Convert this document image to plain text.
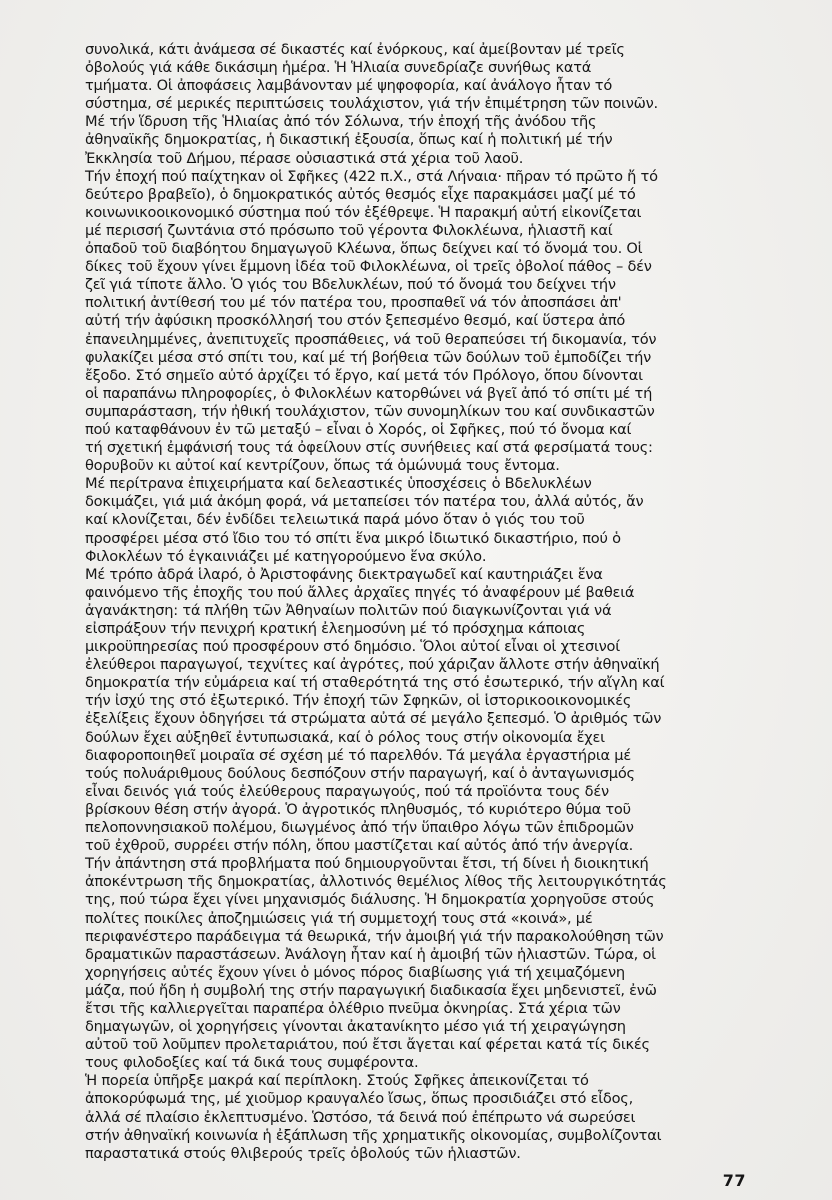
συνολικά, κάτι ἀνάμεσα σέ δικαστές καί ἐνόρκους, καί ἀμείβονταν μέ τρεῖς
ὀβολούς γιά κάθε δικάσιμη ἡμέρα. Ἡ Ἡλιαία συνεδρίαζε συνήθως κατά
τμήματα. Οἱ ἀποφάσεις λαμβάνονταν μέ ψηφοφορία, καί ἀνάλογο ἦταν τό
σύστημα, σέ μερικές περιπτώσεις τουλάχιστον, γιά τήν ἐπιμέτρηση τῶν ποινῶν.
Μέ τήν ἵδρυση τῆς Ἡλιαίας ἀπό τόν Σόλωνα, τήν ἐποχή τῆς ἀνόδου τῆς
ἀθηναϊκῆς δημοκρατίας, ἡ δικαστική ἐξουσία, ὅπως καί ἡ πολιτική μέ τήν
Ἐκκλησία τοῦ Δήμου, πέρασε οὐσιαστικά στά χέρια τοῦ λαοῦ.
Τήν ἐποχή πού παίχτηκαν οἱ Σφῆκες (422 π.Χ., στά Λήναια· πῆραν τό πρῶτο ἤ τό
δεύτερο βραβεῖο), ὁ δημοκρατικός αὐτός θεσμός εἶχε παρακμάσει μαζί μέ τό
κοινωνικοοικονομικό σύστημα πού τόν ἐξέθρεψε. Ἡ παρακμή αὐτή εἰκονίζεται
μέ περισσή ζωντάνια στό πρόσωπο τοῦ γέροντα Φιλοκλέωνα, ἡλιαστῆ καί
ὀπαδοῦ τοῦ διαβόητου δημαγωγοῦ Κλέωνα, ὅπως δείχνει καί τό ὄνομά του. Οἱ
δίκες τοῦ ἔχουν γίνει ἔμμονη ἰδέα τοῦ Φιλοκλέωνα, οἱ τρεῖς ὀβολοί πάθος – δέν
ζεῖ γιά τίποτε ἄλλο. Ὁ γιός του Βδελυκλέων, πού τό ὄνομά του δείχνει τήν
πολιτική ἀντίθεσή του μέ τόν πατέρα του, προσπαθεῖ νά τόν ἀποσπάσει ἀπ'
αὐτή τήν ἀφύσικη προσκόλλησή του στόν ξεπεσμένο θεσμό, καί ὕστερα ἀπό
ἐπανειλημμένες, ἀνεπιτυχεῖς προσπάθειες, νά τοῦ θεραπεύσει τή δικομανία, τόν
φυλακίζει μέσα στό σπίτι του, καί μέ τή βοήθεια τῶν δούλων τοῦ ἐμποδίζει τήν
ἔξοδο. Στό σημεῖο αὐτό ἀρχίζει τό ἔργο, καί μετά τόν Πρόλογο, ὅπου δίνονται
οἱ παραπάνω πληροφορίες, ὁ Φιλοκλέων κατορθώνει νά βγεῖ ἀπό τό σπίτι μέ τή
συμπαράσταση, τήν ἠθική τουλάχιστον, τῶν συνομηλίκων του καί συνδικαστῶν
πού καταφθάνουν ἐν τῶ μεταξύ – εἶναι ὁ Χορός, οἱ Σφῆκες, πού τό ὄνομα καί
τή σχετική ἐμφάνισή τους τά ὀφείλουν στίς συνήθειες καί στά φερσίματά τους:
θορυβοῦν κι αὐτοί καί κεντρίζουν, ὅπως τά ὁμώνυμά τους ἔντομα.
Μέ περίτρανα ἐπιχειρήματα καί δελεαστικές ὑποσχέσεις ὁ Βδελυκλέων
δοκιμάζει, γιά μιά ἀκόμη φορά, νά μεταπείσει τόν πατέρα του, ἀλλά αὐτός, ἄν
καί κλονίζεται, δέν ἐνδίδει τελειωτικά παρά μόνο ὅταν ὁ γιός του τοῦ
προσφέρει μέσα στό ἴδιο του τό σπίτι ἕνα μικρό ἰδιωτικό δικαστήριο, πού ὁ
Φιλοκλέων τό ἐγκαινιάζει μέ κατηγορούμενο ἕνα σκύλο.
Μέ τρόπο ἁδρά ἱλαρό, ὁ Ἀριστοφάνης διεκτραγωδεῖ καί καυτηριάζει ἕνα
φαινόμενο τῆς ἐποχῆς του πού ἄλλες ἀρχαῖες πηγές τό ἀναφέρουν μέ βαθειά
ἀγανάκτηση: τά πλήθη τῶν Ἀθηναίων πολιτῶν πού διαγκωνίζονται γιά νά
εἰσπράξουν τήν πενιχρή κρατική ἐλεημοσύνη μέ τό πρόσχημα κάποιας
μικροϋπηρεσίας πού προσφέρουν στό δημόσιο. Ὅλοι αὐτοί εἶναι οἱ χτεσινοί
ἐλεύθεροι παραγωγοί, τεχνίτες καί ἀγρότες, πού χάριζαν ἄλλοτε στήν ἀθηναϊκή
δημοκρατία τήν εὐμάρεια καί τή σταθερότητά της στό ἐσωτερικό, τήν αἴγλη καί
τήν ἰσχύ της στό ἐξωτερικό. Τήν ἐποχή τῶν Σφηκῶν, οἱ ἱστορικοοικονομικές
ἐξελίξεις ἔχουν ὁδηγήσει τά στρώματα αὐτά σέ μεγάλο ξεπεσμό. Ὁ ἀριθμός τῶν
δούλων ἔχει αὐξηθεῖ ἐντυπωσιακά, καί ὁ ρόλος τους στήν οἰκονομία ἔχει
διαφοροποιηθεῖ μοιραῖα σέ σχέση μέ τό παρελθόν. Τά μεγάλα ἐργαστήρια μέ
τούς πολυάριθμους δούλους δεσπόζουν στήν παραγωγή, καί ὁ ἀνταγωνισμός
εἶναι δεινός γιά τούς ἐλεύθερους παραγωγούς, πού τά προϊόντα τους δέν
βρίσκουν θέση στήν ἀγορά. Ὁ ἀγροτικός πληθυσμός, τό κυριότερο θύμα τοῦ
πελοποννησιακοῦ πολέμου, διωγμένος ἀπό τήν ὕπαιθρο λόγω τῶν ἐπιδρομῶν
τοῦ ἐχθροῦ, συρρέει στήν πόλη, ὅπου μαστίζεται καί αὐτός ἀπό τήν ἀνεργία.
Τήν ἀπάντηση στά προβλήματα πού δημιουργοῦνται ἔτσι, τή δίνει ἡ διοικητική
ἀποκέντρωση τῆς δημοκρατίας, ἀλλοτινός θεμέλιος λίθος τῆς λειτουργικότητάς
της, πού τώρα ἔχει γίνει μηχανισμός διάλυσης. Ἡ δημοκρατία χορηγοῦσε στούς
πολίτες ποικίλες ἀποζημιώσεις γιά τή συμμετοχή τους στά «κοινά», μέ
περιφανέστερο παράδειγμα τά θεωρικά, τήν ἀμοιβή γιά τήν παρακολούθηση τῶν
δραματικῶν παραστάσεων. Ἀνάλογη ἦταν καί ἡ ἀμοιβή τῶν ἡλιαστῶν. Τώρα, οἱ
χορηγήσεις αὐτές ἔχουν γίνει ὁ μόνος πόρος διαβίωσης γιά τή χειμαζόμενη
μάζα, πού ἤδη ἡ συμβολή της στήν παραγωγική διαδικασία ἔχει μηδενιστεῖ, ἐνῶ
ἔτσι τῆς καλλιεργεῖται παραπέρα ὀλέθριο πνεῦμα ὀκνηρίας. Στά χέρια τῶν
δημαγωγῶν, οἱ χορηγήσεις γίνονται ἀκατανίκητο μέσο γιά τή χειραγώγηση
αὐτοῦ τοῦ λοῦμπεν προλεταριάτου, πού ἔτσι ἄγεται καί φέρεται κατά τίς δικές
τους φιλοδοξίες καί τά δικά τους συμφέροντα.
Ἡ πορεία ὑπῆρξε μακρά καί περίπλοκη. Στούς Σφῆκες ἀπεικονίζεται τό
ἀποκορύφωμά της, μέ χιοῦμορ κραυγαλέο ἴσως, ὅπως προσιδιάζει στό εἶδος,
ἀλλά σέ πλαίσιο ἐκλεπτυσμένο. Ὡστόσο, τά δεινά πού ἐπέπρωτο νά σωρεύσει
στήν ἀθηναϊκή κοινωνία ἡ ἐξάπλωση τῆς χρηματικῆς οἰκονομίας, συμβολίζονται
παραστατικά στούς θλιβερούς τρεῖς ὀβολούς τῶν ἡλιαστῶν.
77
